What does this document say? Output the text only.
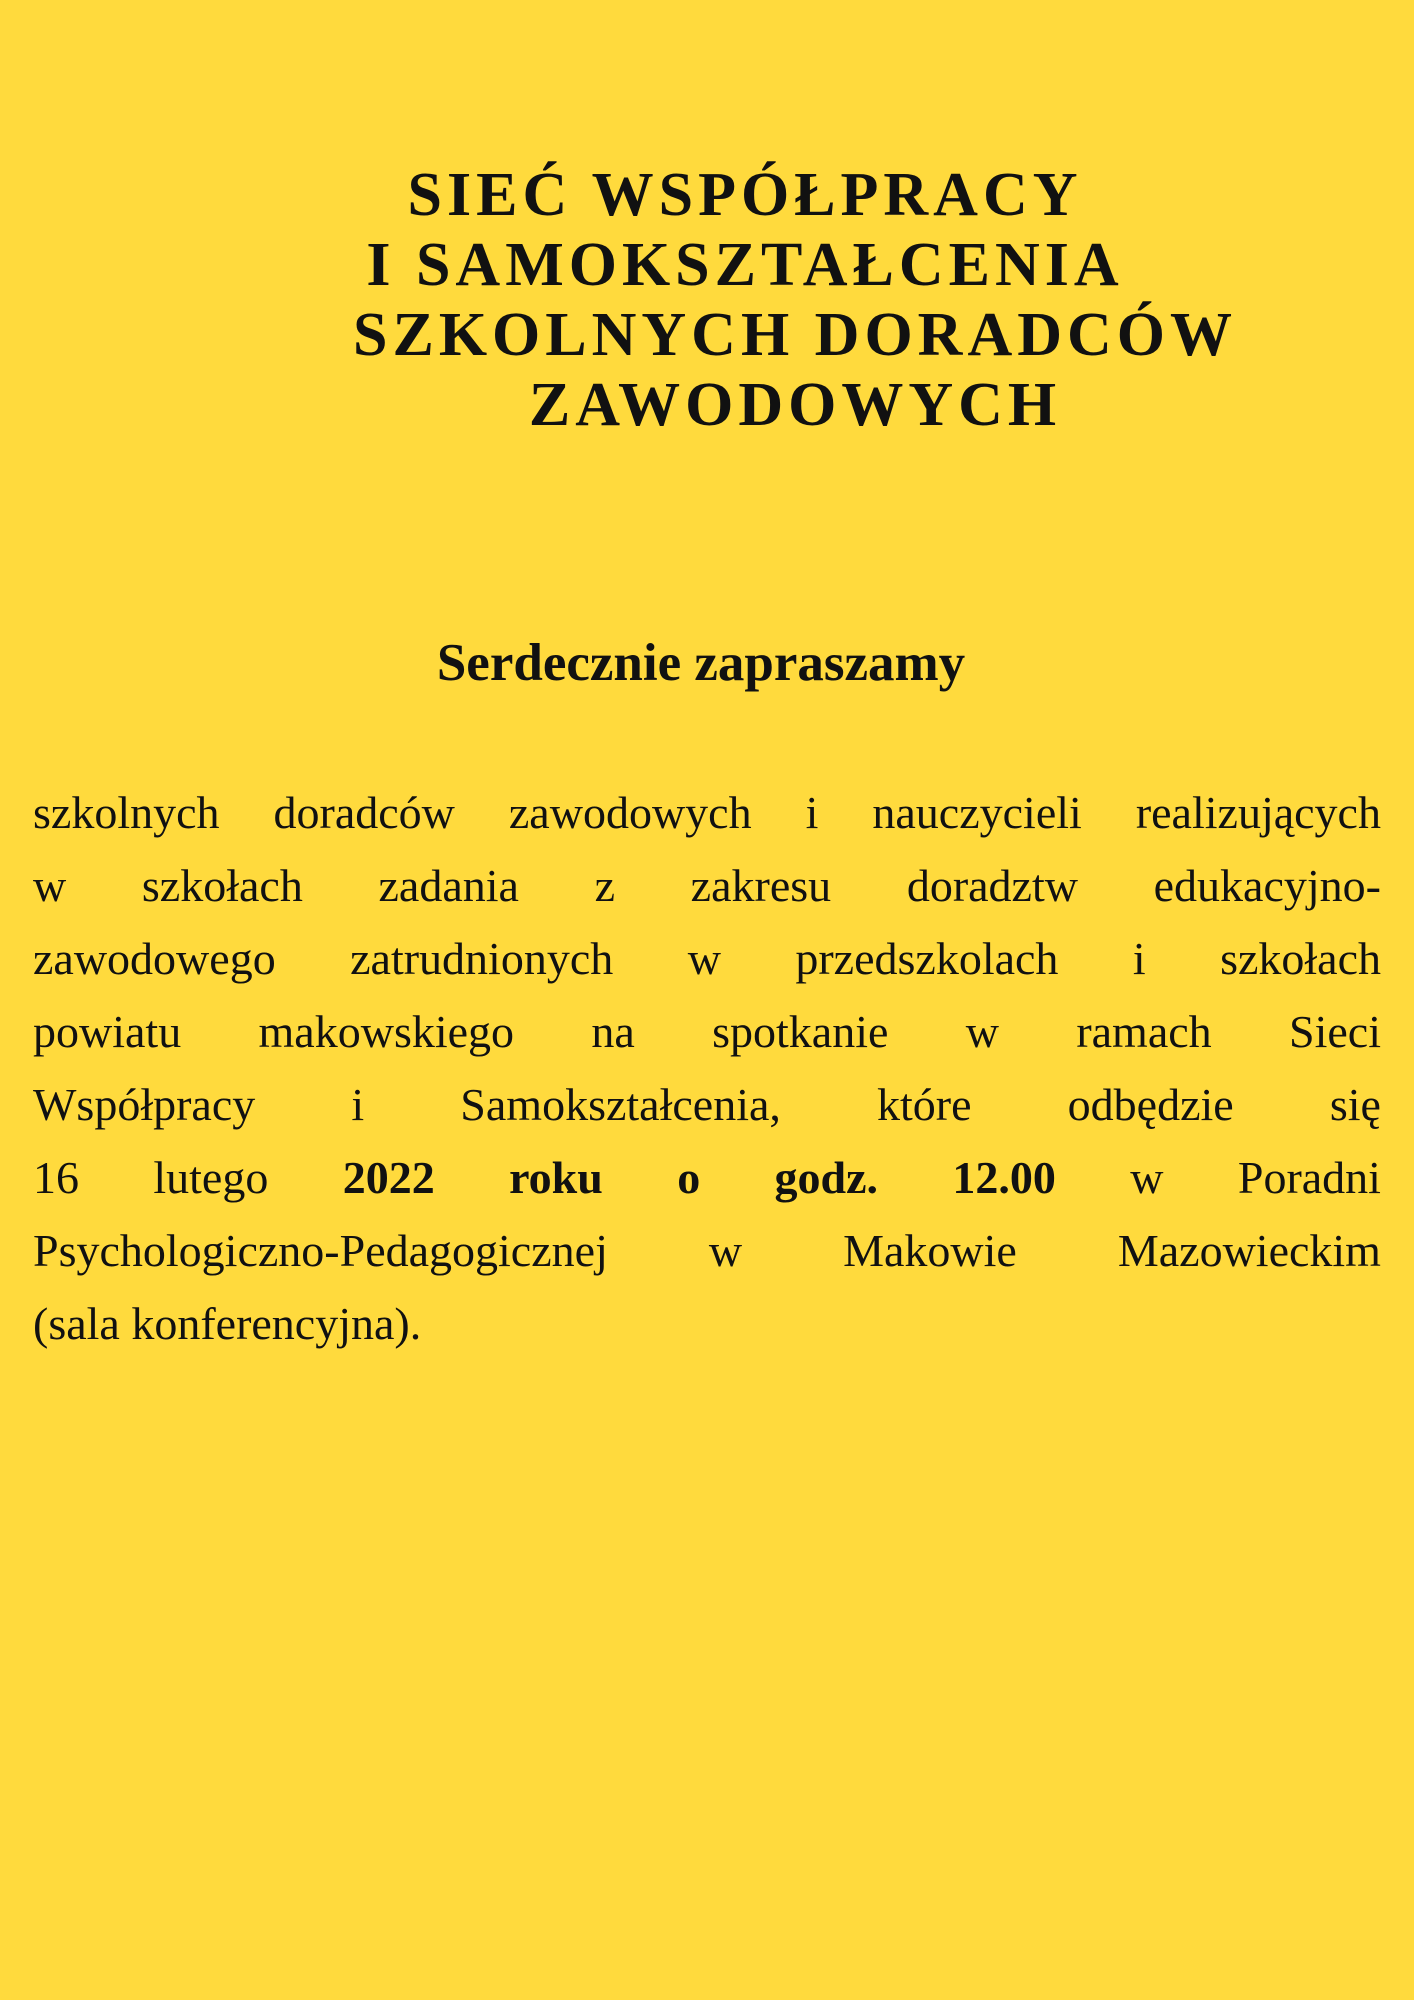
SIEĆ WSPÓŁPRACY
I SAMOKSZTAŁCENIA
SZKOLNYCH DORADCÓW
ZAWODOWYCH
Serdecznie zapraszamy
szkolnych doradców zawodowych i nauczycieli realizujących
w szkołach zadania z zakresu doradztw edukacyjno-
zawodowego zatrudnionych w przedszkolach i szkołach
powiatu makowskiego na spotkanie w ramach Sieci
Współpracy i Samokształcenia, które odbędzie się
16 lutego 2022 roku o godz. 12.00 w Poradni
Psychologiczno-Pedagogicznej w Makowie Mazowieckim
(sala konferencyjna).
